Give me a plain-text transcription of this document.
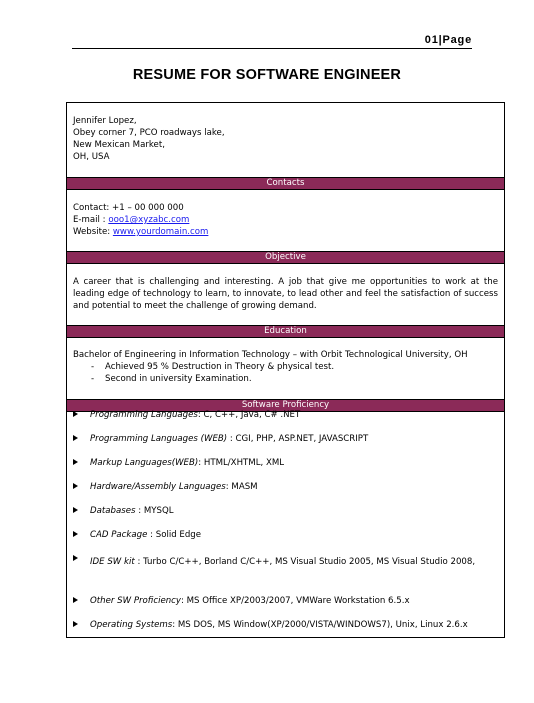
01|Page
RESUME FOR SOFTWARE ENGINEER
Jennifer Lopez,
Obey corner 7, PCO roadways lake,
New Mexican Market,
OH, USA
Contacts
Contact: +1 – 00 000 000
E-mail : ooo1@xyzabc.com
Website: www.yourdomain.com
Objective
A career that is challenging and interesting. A job that give me opportunities to work at the leading edge of technology to learn, to innovate, to lead other and feel the satisfaction of success and potential to meet the challenge of growing demand.
Education
Bachelor of Engineering in Information Technology – with Orbit Technological University, OH
- Achieved 95 % Destruction in Theory & physical test.
- Second in university Examination.
Software Proficiency
Programming Languages: C, C++, Java, C# .NET
Programming Languages (WEB) : CGI, PHP, ASP.NET, JAVASCRIPT
Markup Languages(WEB): HTML/XHTML, XML
Hardware/Assembly Languages: MASM
Databases : MYSQL
CAD Package : Solid Edge
IDE SW kit : Turbo C/C++, Borland C/C++, MS Visual Studio 2005, MS Visual Studio 2008,
Other SW Proficiency: MS Office XP/2003/2007, VMWare Workstation 6.5.x
Operating Systems: MS DOS, MS Window(XP/2000/VISTA/WINDOWS7), Unix, Linux 2.6.x
